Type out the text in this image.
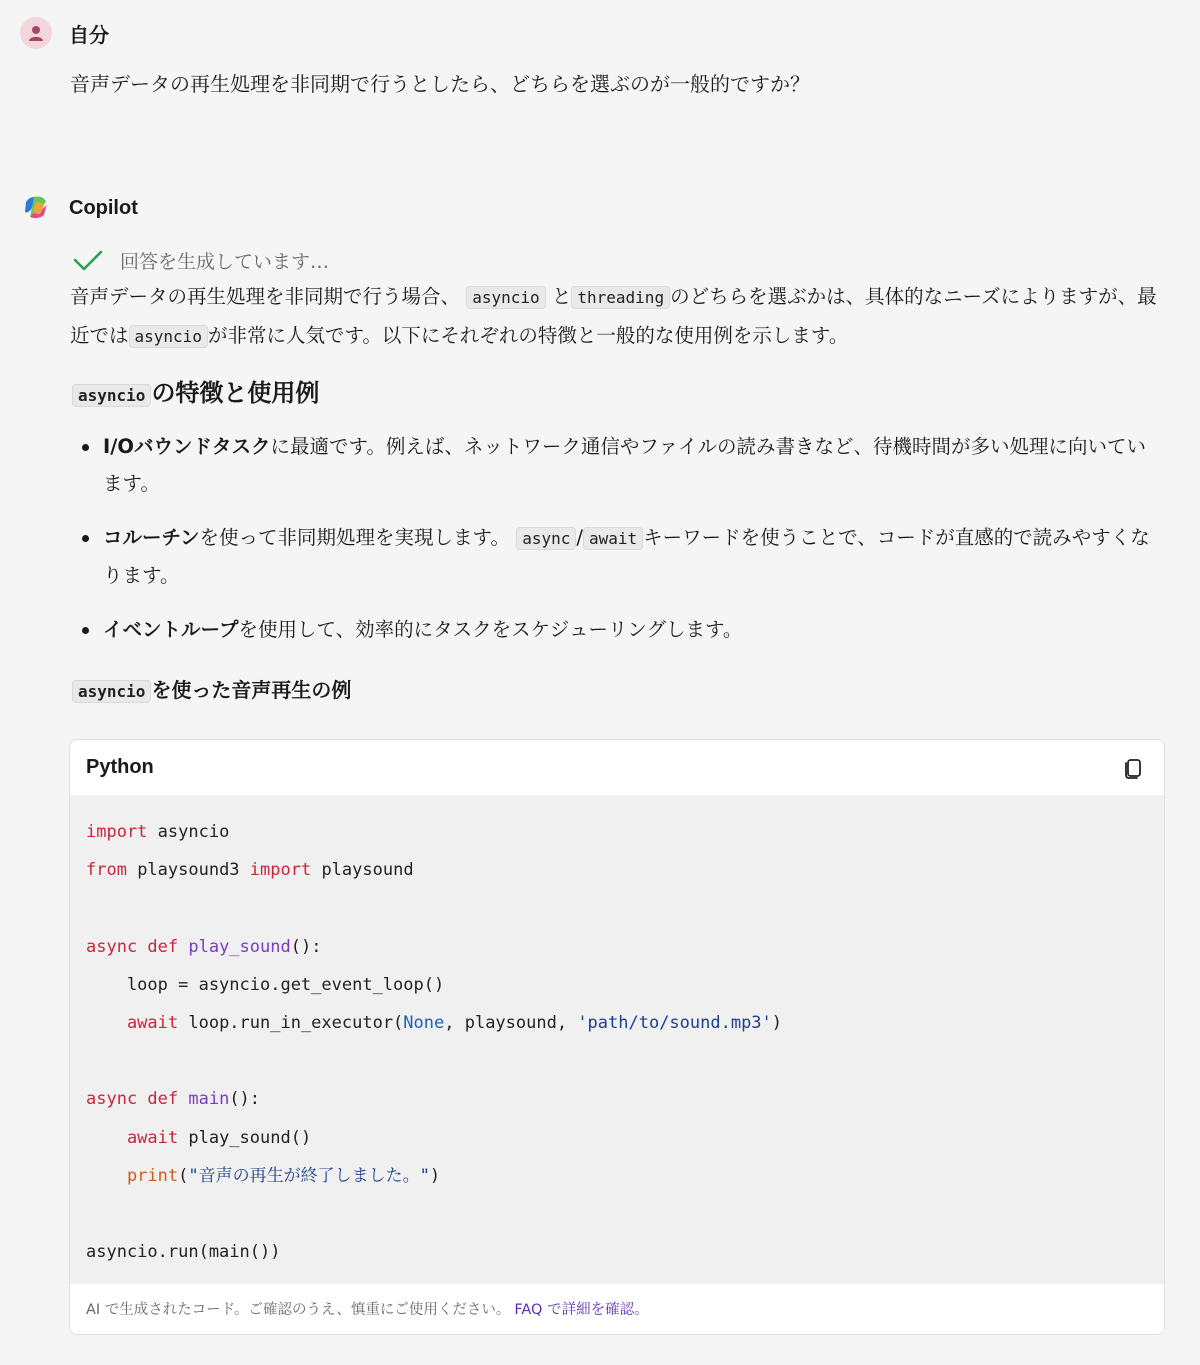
自分
音声データの再生処理を非同期で行うとしたら、どちらを選ぶのが一般的ですか？
Copilot
回答を生成しています…
音声データの再生処理を非同期で行う場合、 asyncio と threading のどちらを選ぶかは、具体的なニーズによりますが、最近では asyncio が非常に人気です。以下にそれぞれの特徴と一般的な使用例を示します。
asyncio の特徴と使用例
I/Oバウンドタスクに最適です。例えば、ネットワーク通信やファイルの読み書きなど、待機時間が多い処理に向いています。
コルーチンを使って非同期処理を実現します。 async / await キーワードを使うことで、コードが直感的で読みやすくなります。
イベントループを使用して、効率的にタスクをスケジューリングします。
asyncio を使った音声再生の例
Python
import asyncio
from playsound3 import playsound

async def play_sound():
loop = asyncio.get_event_loop()
await loop.run_in_executor(None, playsound, 'path/to/sound.mp3')

async def main():
await play_sound()
print("音声の再生が終了しました。")

asyncio.run(main())
AI で生成されたコード。ご確認のうえ、慎重にご使用ください。 FAQ で詳細を確認。
